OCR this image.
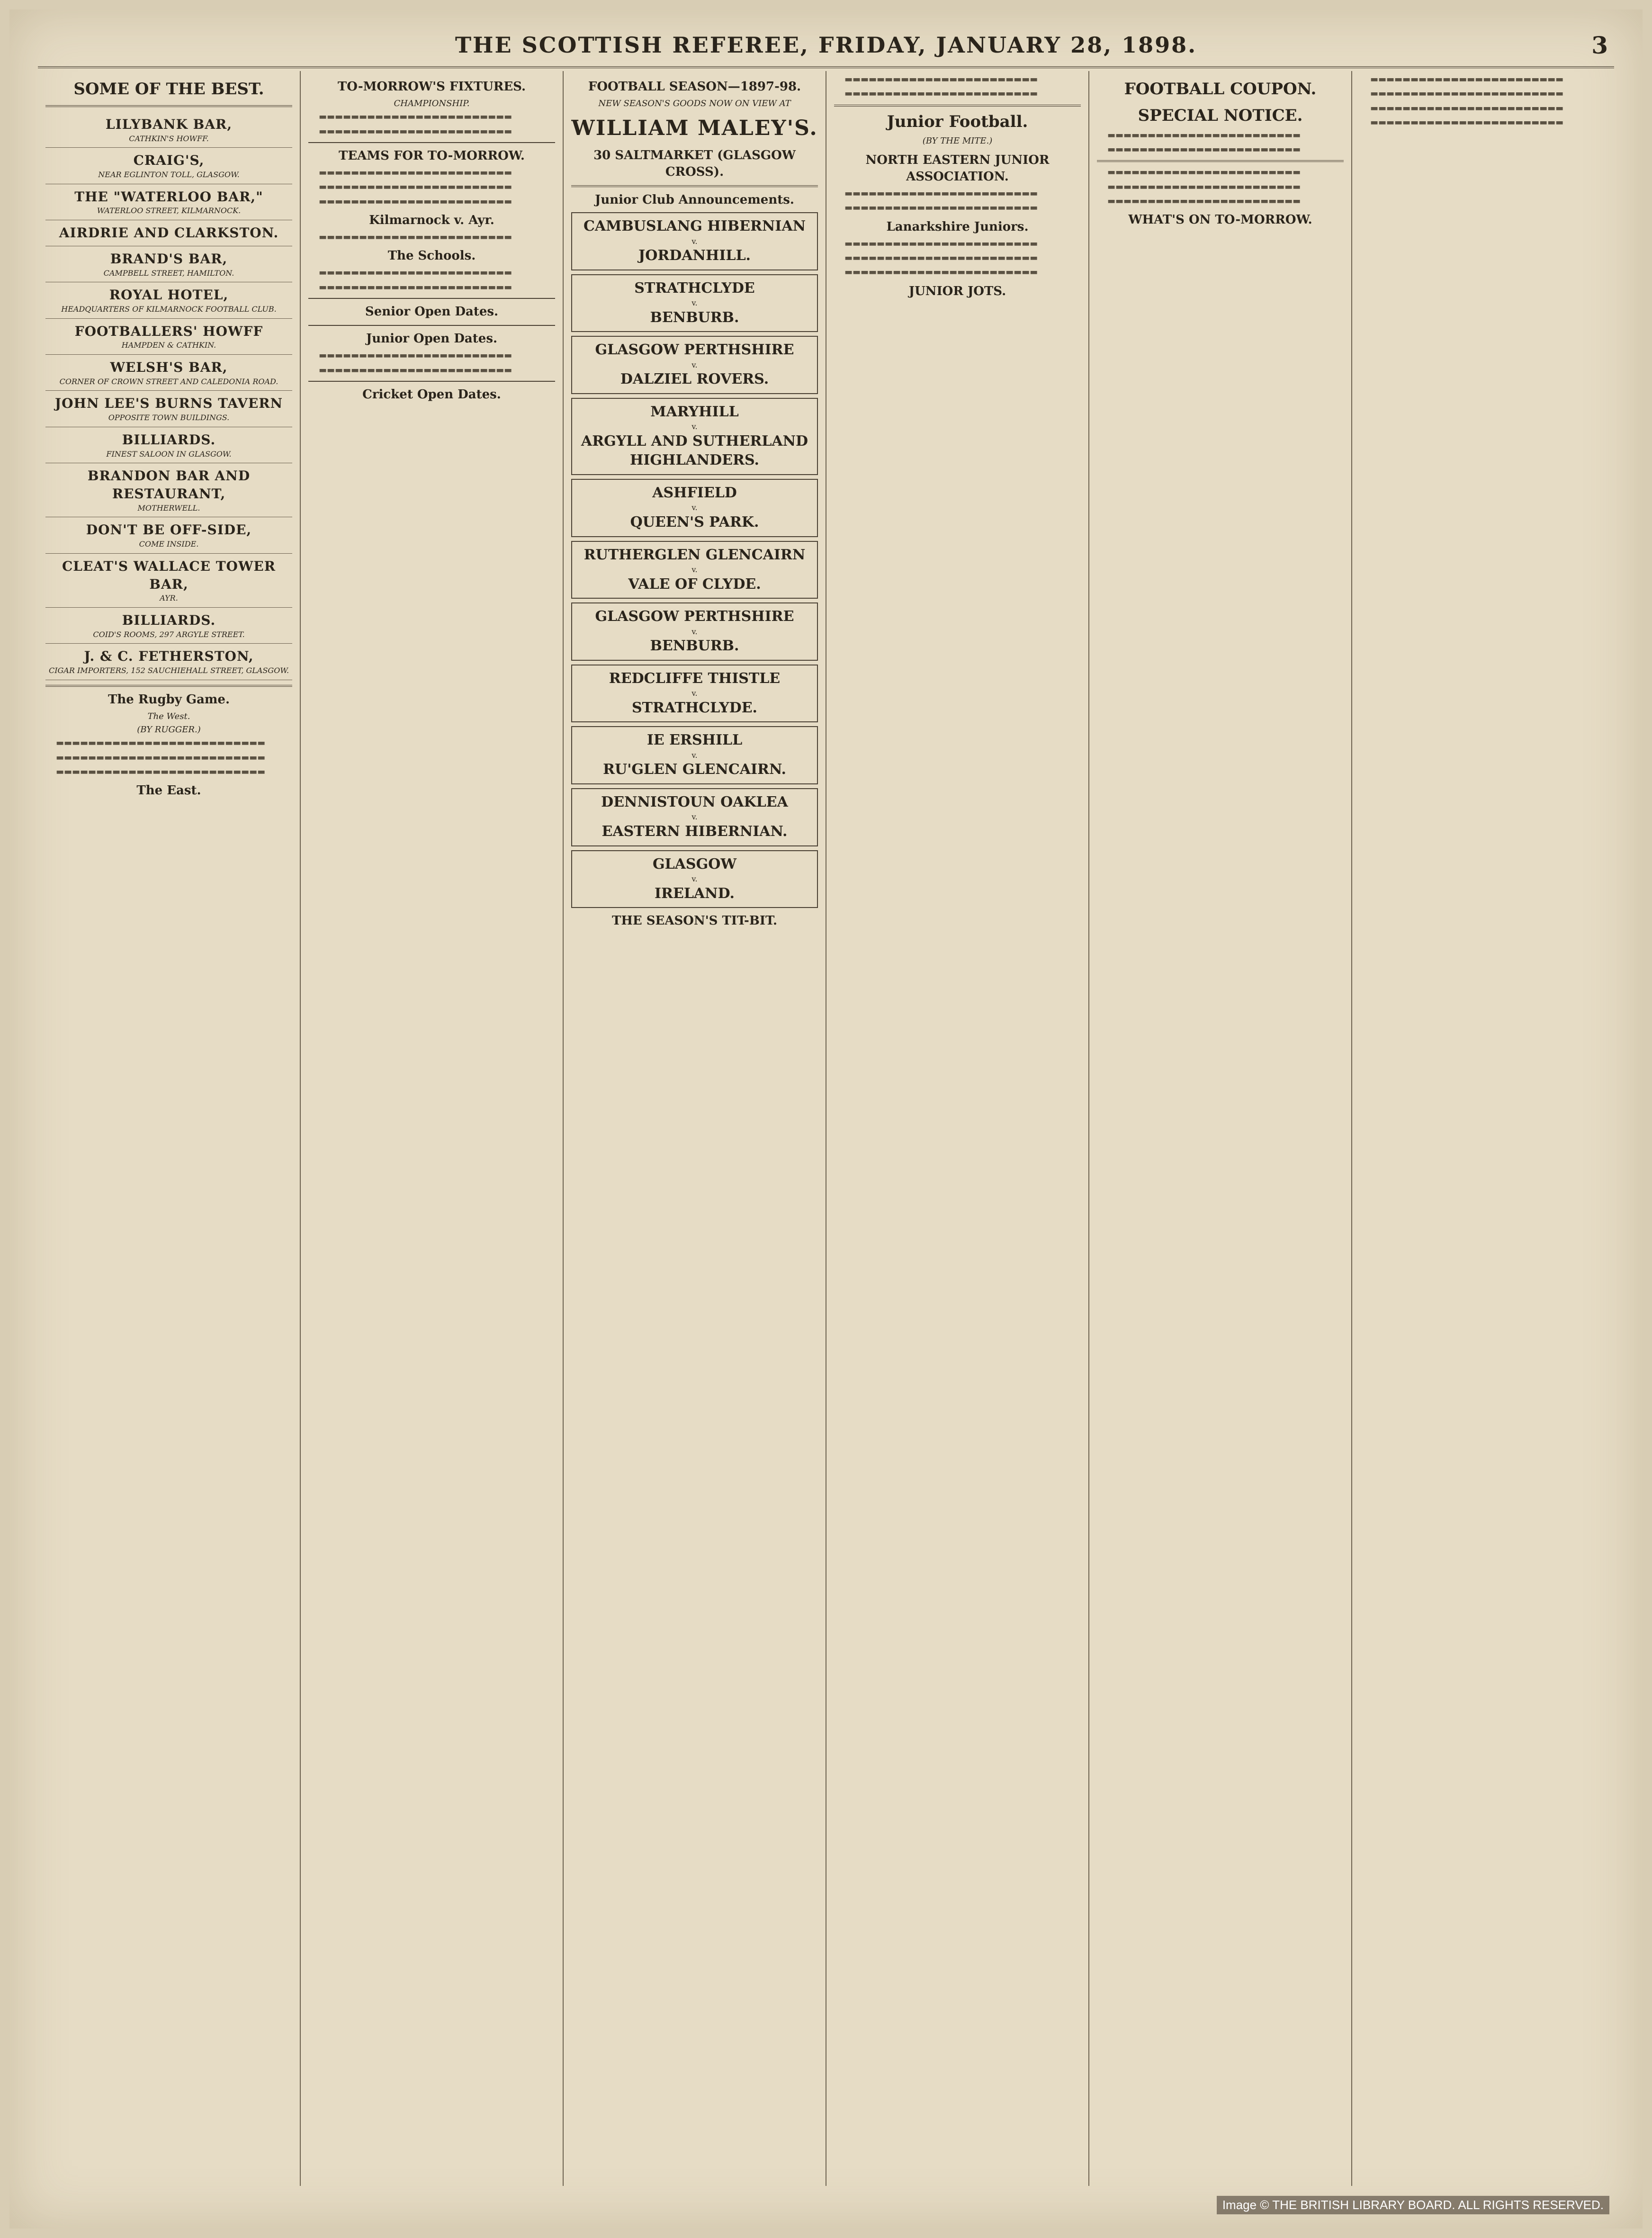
THE SCOTTISH REFEREE, FRIDAY, JANUARY 28, 1898.	3
SOME OF THE BEST.
LILYBANK BAR,
CATHKIN'S HOWFF.
CRAIG'S,
NEAR EGLINTON TOLL, GLASGOW.
THE "WATERLOO BAR,"
WATERLOO STREET, KILMARNOCK.
AIRDRIE AND CLARKSTON.
BRAND'S BAR,
CAMPBELL STREET, HAMILTON.
ROYAL HOTEL,
HEADQUARTERS OF KILMARNOCK FOOTBALL CLUB.
FOOTBALLERS' HOWFF
HAMPDEN & CATHKIN.
WELSH'S BAR,
CORNER OF CROWN STREET AND CALEDONIA ROAD.
JOHN LEE'S BURNS TAVERN
OPPOSITE TOWN BUILDINGS.
BILLIARDS.
FINEST SALOON IN GLASGOW.
BRANDON BAR AND RESTAURANT,
MOTHERWELL.
DON'T BE OFF-SIDE,
COME INSIDE.
CLEAT'S WALLACE TOWER BAR,
AYR.
BILLIARDS.
COID'S ROOMS, 297 ARGYLE STREET.
J. & C. FETHERSTON,
CIGAR IMPORTERS, 152 SAUCHIEHALL STREET, GLASGOW.
The Rugby Game.
The West.
(BY RUGGER.)

▬▬▬▬▬▬▬▬▬▬▬▬▬▬▬▬▬▬▬▬▬▬▬▬▬▬

▬▬▬▬▬▬▬▬▬▬▬▬▬▬▬▬▬▬▬▬▬▬▬▬▬▬

▬▬▬▬▬▬▬▬▬▬▬▬▬▬▬▬▬▬▬▬▬▬▬▬▬▬

The East.
TO-MORROW'S FIXTURES.
CHAMPIONSHIP.

▬▬▬▬▬▬▬▬▬▬▬▬▬▬▬▬▬▬▬▬▬▬▬▬

▬▬▬▬▬▬▬▬▬▬▬▬▬▬▬▬▬▬▬▬▬▬▬▬

TEAMS FOR TO-MORROW.

▬▬▬▬▬▬▬▬▬▬▬▬▬▬▬▬▬▬▬▬▬▬▬▬

▬▬▬▬▬▬▬▬▬▬▬▬▬▬▬▬▬▬▬▬▬▬▬▬

▬▬▬▬▬▬▬▬▬▬▬▬▬▬▬▬▬▬▬▬▬▬▬▬

Kilmarnock v. Ayr.

▬▬▬▬▬▬▬▬▬▬▬▬▬▬▬▬▬▬▬▬▬▬▬▬

The Schools.

▬▬▬▬▬▬▬▬▬▬▬▬▬▬▬▬▬▬▬▬▬▬▬▬

▬▬▬▬▬▬▬▬▬▬▬▬▬▬▬▬▬▬▬▬▬▬▬▬

Senior Open Dates.
Junior Open Dates.

▬▬▬▬▬▬▬▬▬▬▬▬▬▬▬▬▬▬▬▬▬▬▬▬

▬▬▬▬▬▬▬▬▬▬▬▬▬▬▬▬▬▬▬▬▬▬▬▬

Cricket Open Dates.
FOOTBALL SEASON—1897-98.
NEW SEASON'S GOODS NOW ON VIEW AT
WILLIAM MALEY'S.
30 SALTMARKET (GLASGOW CROSS).
Junior Club Announcements.
CAMBUSLANG HIBERNIAN
v.
JORDANHILL.
STRATHCLYDE
v.
BENBURB.
GLASGOW PERTHSHIRE
v.
DALZIEL ROVERS.
MARYHILL
v.
ARGYLL AND SUTHERLAND HIGHLANDERS.
ASHFIELD
v.
QUEEN'S PARK.
RUTHERGLEN GLENCAIRN
v.
VALE OF CLYDE.
GLASGOW PERTHSHIRE
v.
BENBURB.
REDCLIFFE THISTLE
v.
STRATHCLYDE.
IE ERSHILL
v.
RU'GLEN GLENCAIRN.
DENNISTOUN OAKLEA
v.
EASTERN HIBERNIAN.
GLASGOW
v.
IRELAND.
THE SEASON'S TIT-BIT.

▬▬▬▬▬▬▬▬▬▬▬▬▬▬▬▬▬▬▬▬▬▬▬▬

▬▬▬▬▬▬▬▬▬▬▬▬▬▬▬▬▬▬▬▬▬▬▬▬

Junior Football.
(BY THE MITE.)
NORTH EASTERN JUNIOR ASSOCIATION.

▬▬▬▬▬▬▬▬▬▬▬▬▬▬▬▬▬▬▬▬▬▬▬▬

▬▬▬▬▬▬▬▬▬▬▬▬▬▬▬▬▬▬▬▬▬▬▬▬

Lanarkshire Juniors.

▬▬▬▬▬▬▬▬▬▬▬▬▬▬▬▬▬▬▬▬▬▬▬▬

▬▬▬▬▬▬▬▬▬▬▬▬▬▬▬▬▬▬▬▬▬▬▬▬

▬▬▬▬▬▬▬▬▬▬▬▬▬▬▬▬▬▬▬▬▬▬▬▬

JUNIOR JOTS.
FOOTBALL COUPON.
SPECIAL NOTICE.

▬▬▬▬▬▬▬▬▬▬▬▬▬▬▬▬▬▬▬▬▬▬▬▬

▬▬▬▬▬▬▬▬▬▬▬▬▬▬▬▬▬▬▬▬▬▬▬▬

▬▬▬▬▬▬▬▬▬▬▬▬▬▬▬▬▬▬▬▬▬▬▬▬

▬▬▬▬▬▬▬▬▬▬▬▬▬▬▬▬▬▬▬▬▬▬▬▬

▬▬▬▬▬▬▬▬▬▬▬▬▬▬▬▬▬▬▬▬▬▬▬▬

WHAT'S ON TO-MORROW.

▬▬▬▬▬▬▬▬▬▬▬▬▬▬▬▬▬▬▬▬▬▬▬▬

▬▬▬▬▬▬▬▬▬▬▬▬▬▬▬▬▬▬▬▬▬▬▬▬

▬▬▬▬▬▬▬▬▬▬▬▬▬▬▬▬▬▬▬▬▬▬▬▬

▬▬▬▬▬▬▬▬▬▬▬▬▬▬▬▬▬▬▬▬▬▬▬▬

Image © THE BRITISH LIBRARY BOARD. ALL RIGHTS RESERVED.
